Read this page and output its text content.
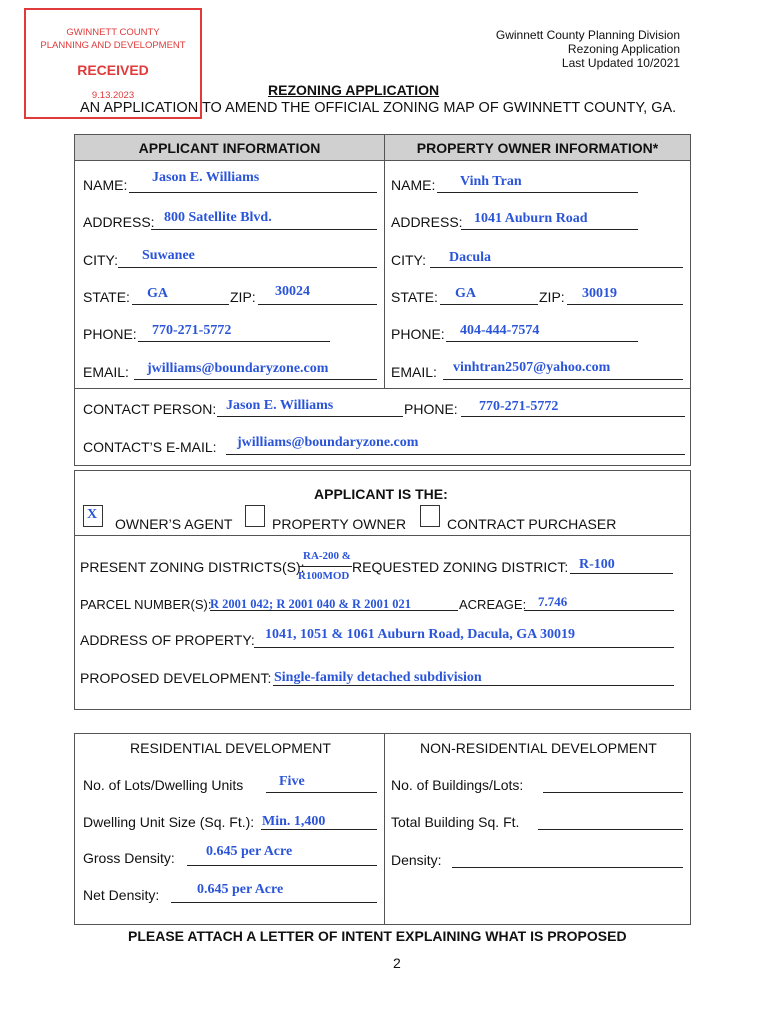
GWINNETT COUNTY
PLANNING AND DEVELOPMENT
RECEIVED
9.13.2023
Gwinnett County Planning Division
Rezoning Application
Last Updated 10/2021
REZONING APPLICATION
AN APPLICATION TO AMEND THE OFFICIAL ZONING MAP OF GWINNETT COUNTY, GA.
APPLICANT INFORMATION	PROPERTY OWNER INFORMATION*
NAME: Jason E. Williams
ADDRESS: 800 Satellite Blvd.
CITY: Suwanee
STATE: GA	ZIP: 30024
PHONE: 770-271-5772
EMAIL: jwilliams@boundaryzone.com
NAME: Vinh Tran
ADDRESS: 1041 Auburn Road
CITY: Dacula
STATE: GA	ZIP: 30019
PHONE: 404-444-7574
EMAIL: vinhtran2507@yahoo.com
CONTACT PERSON: Jason E. Williams	PHONE: 770-271-5772
CONTACT’S E-MAIL: jwilliams@boundaryzone.com
APPLICANT IS THE:
X
OWNER’S AGENT	PROPERTY OWNER	CONTRACT PURCHASER
PRESENT ZONING DISTRICTS(S):
RA-200 &
R100MOD
REQUESTED ZONING DISTRICT: R-100
PARCEL NUMBER(S):
R 2001 042; R 2001 040 & R 2001 021	ACREAGE: 7.746
ADDRESS OF PROPERTY: 1041, 1051 & 1061 Auburn Road, Dacula, GA 30019
PROPOSED DEVELOPMENT: Single-family detached subdivision
RESIDENTIAL DEVELOPMENT	NON-RESIDENTIAL DEVELOPMENT
No. of Lots/Dwelling Units	Five
Dwelling Unit Size (Sq. Ft.): Min. 1,400
Gross Density: 0.645 per Acre
Net Density:	0.645 per Acre
No. of Buildings/Lots:
Total Building Sq. Ft.
Density:
PLEASE ATTACH A LETTER OF INTENT EXPLAINING WHAT IS PROPOSED
2
